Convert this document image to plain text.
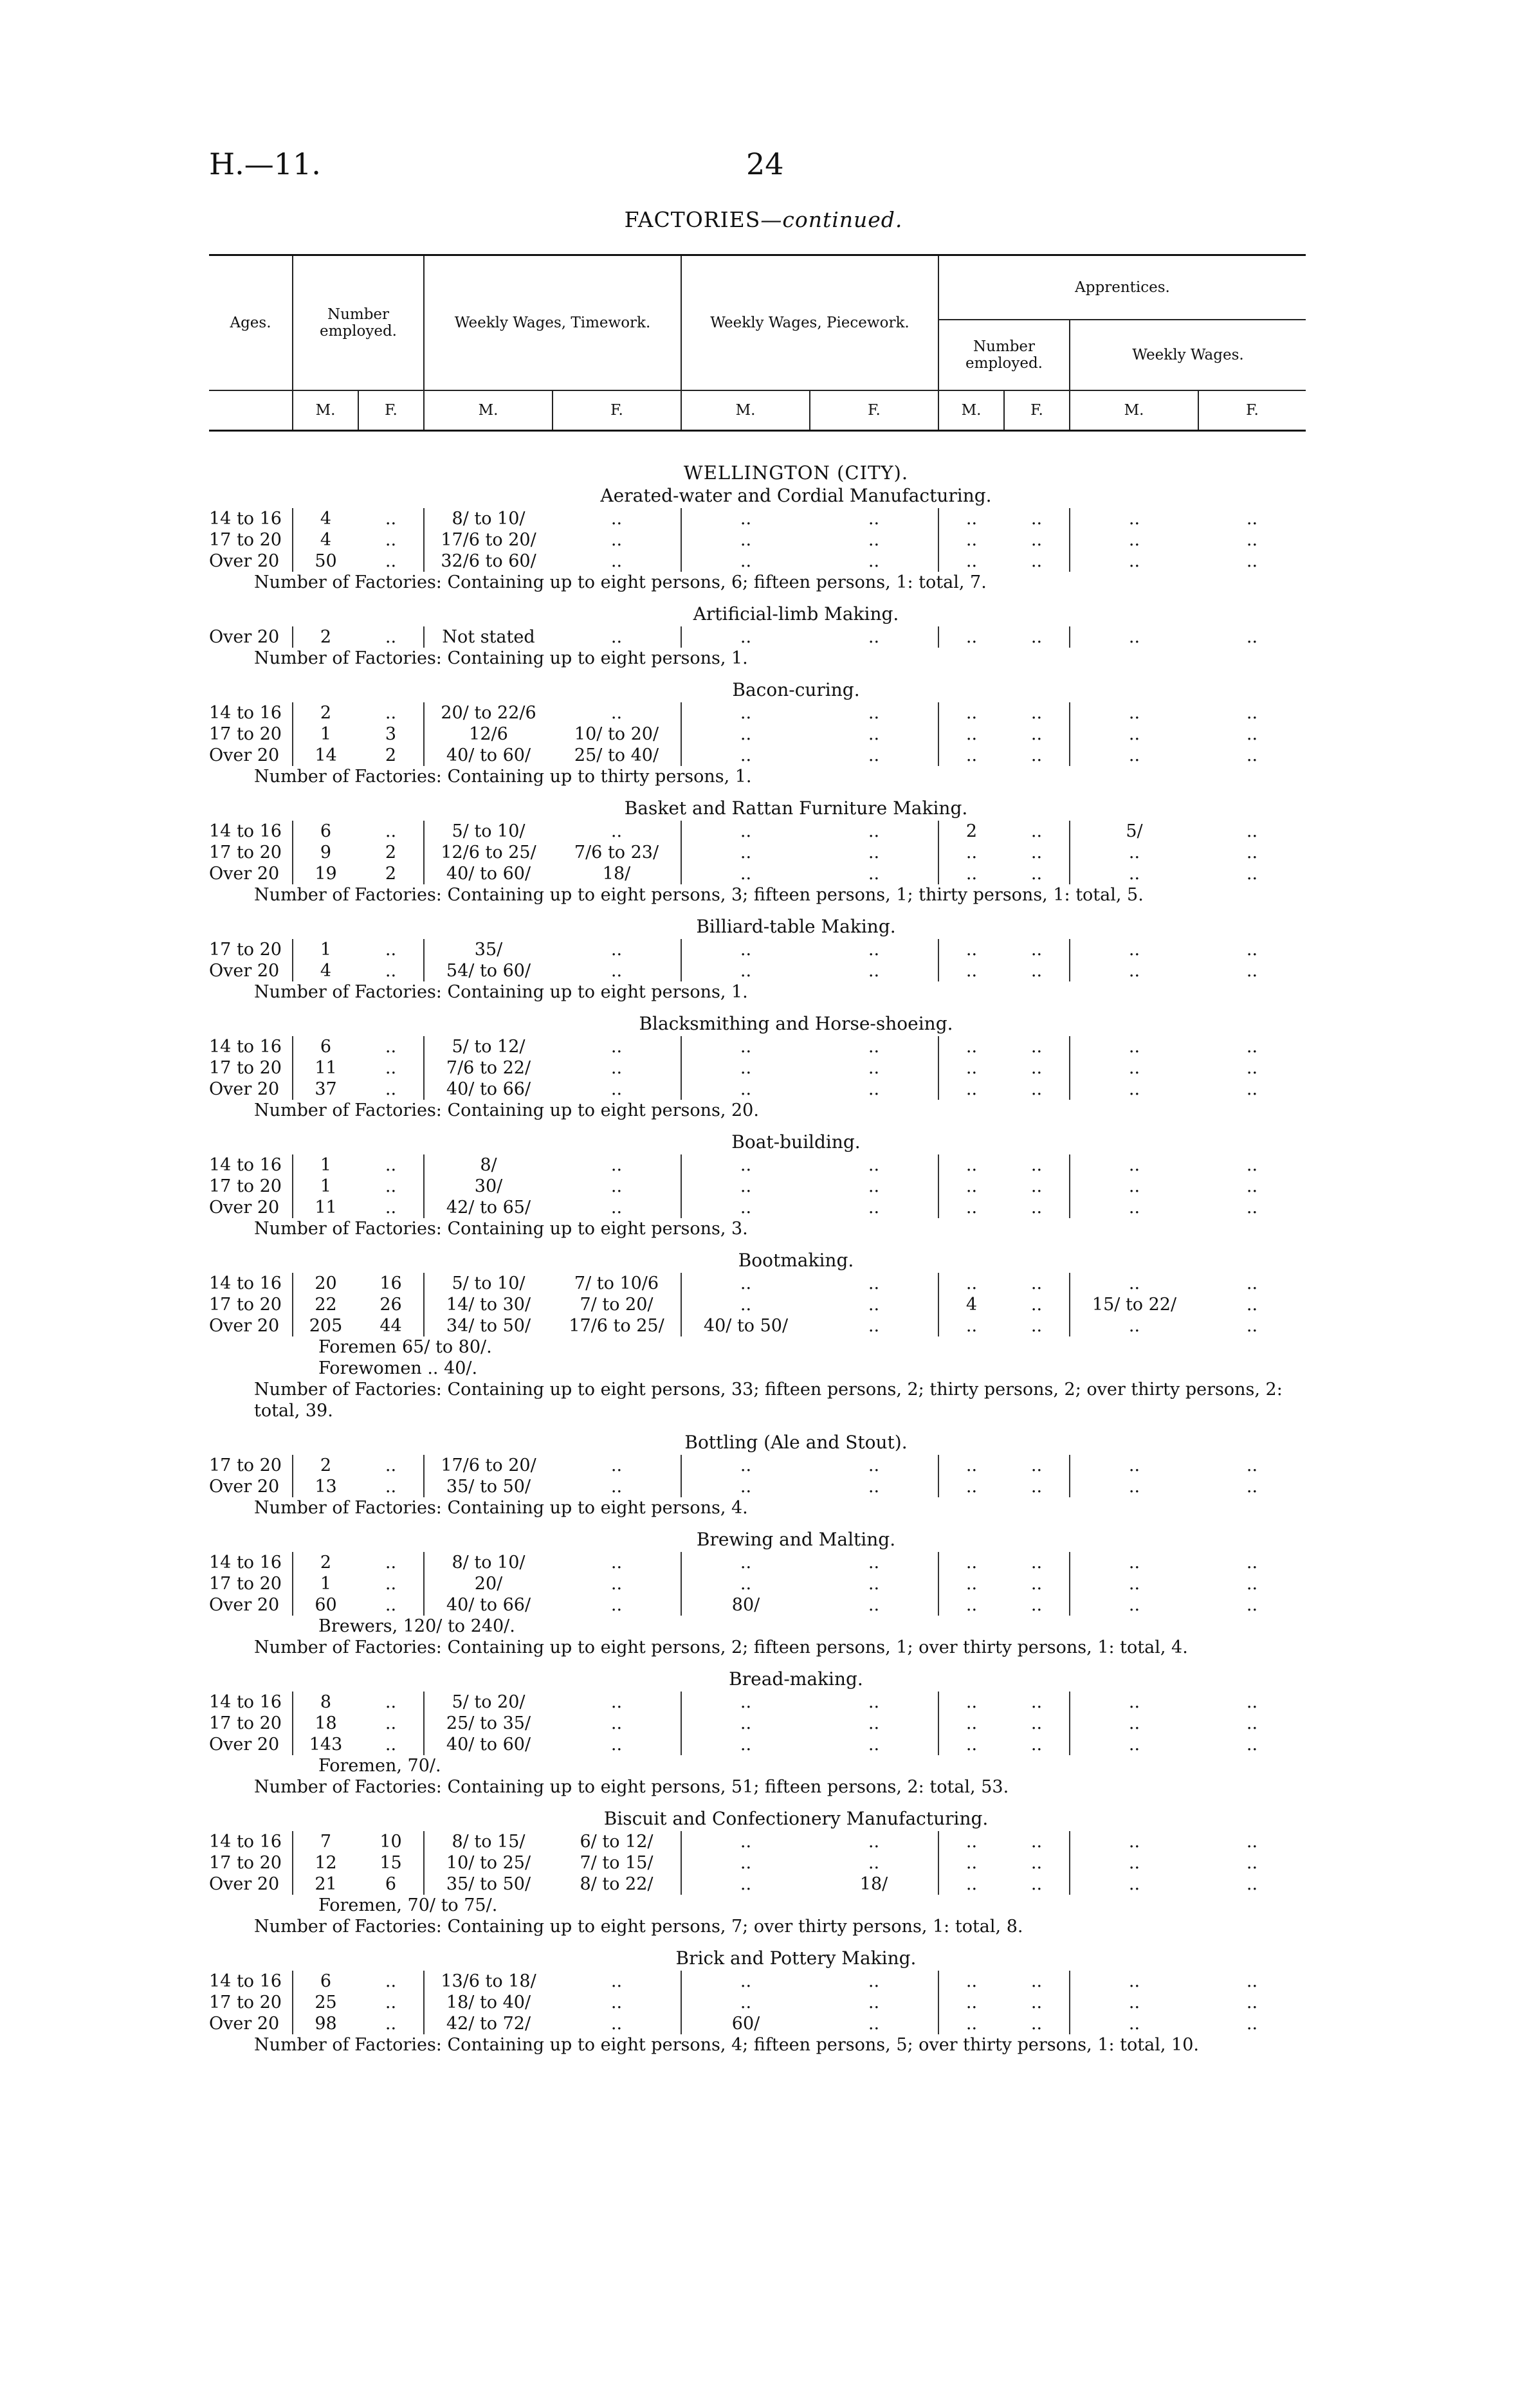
H.—11.	24
FACTORIES—continued.
Ages.	Number employed.		Weekly Wages, Timework.		Weekly Wages, Piecework.		Apprentices.			
							Number employed.		Weekly Wages.	
	M.	F.	M.	F.	M.	F.	M.	F.	M.	F.
WELLINGTON (CITY).
Aerated-water and Cordial Manufacturing.
14 to 16	4	..	8/ to 10/	..	..	..	..	..	..	..
17 to 20	4	..	17/6 to 20/	..	..	..	..	..	..	..
Over 20	50	..	32/6 to 60/	..	..	..	..	..	..	..
Number of Factories: Containing up to eight persons, 6; fifteen persons, 1: total, 7.
Artificial-limb Making.
Over 20	2	..	Not stated	..	..	..	..	..	..	..
Number of Factories: Containing up to eight persons, 1.
Bacon-curing.
14 to 16	2	..	20/ to 22/6	..	..	..	..	..	..	..
17 to 20	1	3	12/6	10/ to 20/	..	..	..	..	..	..
Over 20	14	2	40/ to 60/	25/ to 40/	..	..	..	..	..	..
Number of Factories: Containing up to thirty persons, 1.
Basket and Rattan Furniture Making.
14 to 16	6	..	5/ to 10/	..	..	..	2	..	5/	..
17 to 20	9	2	12/6 to 25/	7/6 to 23/	..	..	..	..	..	..
Over 20	19	2	40/ to 60/	18/	..	..	..	..	..	..
Number of Factories: Containing up to eight persons, 3; fifteen persons, 1; thirty persons, 1: total, 5.
Billiard-table Making.
17 to 20	1	..	35/	..	..	..	..	..	..	..
Over 20	4	..	54/ to 60/	..	..	..	..	..	..	..
Number of Factories: Containing up to eight persons, 1.
Blacksmithing and Horse-shoeing.
14 to 16	6	..	5/ to 12/	..	..	..	..	..	..	..
17 to 20	11	..	7/6 to 22/	..	..	..	..	..	..	..
Over 20	37	..	40/ to 66/	..	..	..	..	..	..	..
Number of Factories: Containing up to eight persons, 20.
Boat-building.
14 to 16	1	..	8/	..	..	..	..	..	..	..
17 to 20	1	..	30/	..	..	..	..	..	..	..
Over 20	11	..	42/ to 65/	..	..	..	..	..	..	..
Number of Factories: Containing up to eight persons, 3.
Bootmaking.
14 to 16	20	16	5/ to 10/	7/ to 10/6	..	..	..	..	..	..
17 to 20	22	26	14/ to 30/	7/ to 20/	..	..	4	..	15/ to 22/	..
Over 20	205	44	34/ to 50/	17/6 to 25/	40/ to 50/	..	..	..	..	..
Foremen 65/ to 80/.
Forewomen .. 40/.
Number of Factories: Containing up to eight persons, 33; fifteen persons, 2; thirty persons, 2; over thirty persons, 2: total, 39.
Bottling (Ale and Stout).
17 to 20	2	..	17/6 to 20/	..	..	..	..	..	..	..
Over 20	13	..	35/ to 50/	..	..	..	..	..	..	..
Number of Factories: Containing up to eight persons, 4.
Brewing and Malting.
14 to 16	2	..	8/ to 10/	..	..	..	..	..	..	..
17 to 20	1	..	20/	..	..	..	..	..	..	..
Over 20	60	..	40/ to 66/	..	80/	..	..	..	..	..
Brewers, 120/ to 240/.
Number of Factories: Containing up to eight persons, 2; fifteen persons, 1; over thirty persons, 1: total, 4.
Bread-making.
14 to 16	8	..	5/ to 20/	..	..	..	..	..	..	..
17 to 20	18	..	25/ to 35/	..	..	..	..	..	..	..
Over 20	143	..	40/ to 60/	..	..	..	..	..	..	..
Foremen, 70/.
Number of Factories: Containing up to eight persons, 51; fifteen persons, 2: total, 53.
Biscuit and Confectionery Manufacturing.
14 to 16	7	10	8/ to 15/	6/ to 12/	..	..	..	..	..	..
17 to 20	12	15	10/ to 25/	7/ to 15/	..	..	..	..	..	..
Over 20	21	6	35/ to 50/	8/ to 22/	..	18/	..	..	..	..
Foremen, 70/ to 75/.
Number of Factories: Containing up to eight persons, 7; over thirty persons, 1: total, 8.
Brick and Pottery Making.
14 to 16	6	..	13/6 to 18/	..	..	..	..	..	..	..
17 to 20	25	..	18/ to 40/	..	..	..	..	..	..	..
Over 20	98	..	42/ to 72/	..	60/	..	..	..	..	..
Number of Factories: Containing up to eight persons, 4; fifteen persons, 5; over thirty persons, 1: total, 10.
